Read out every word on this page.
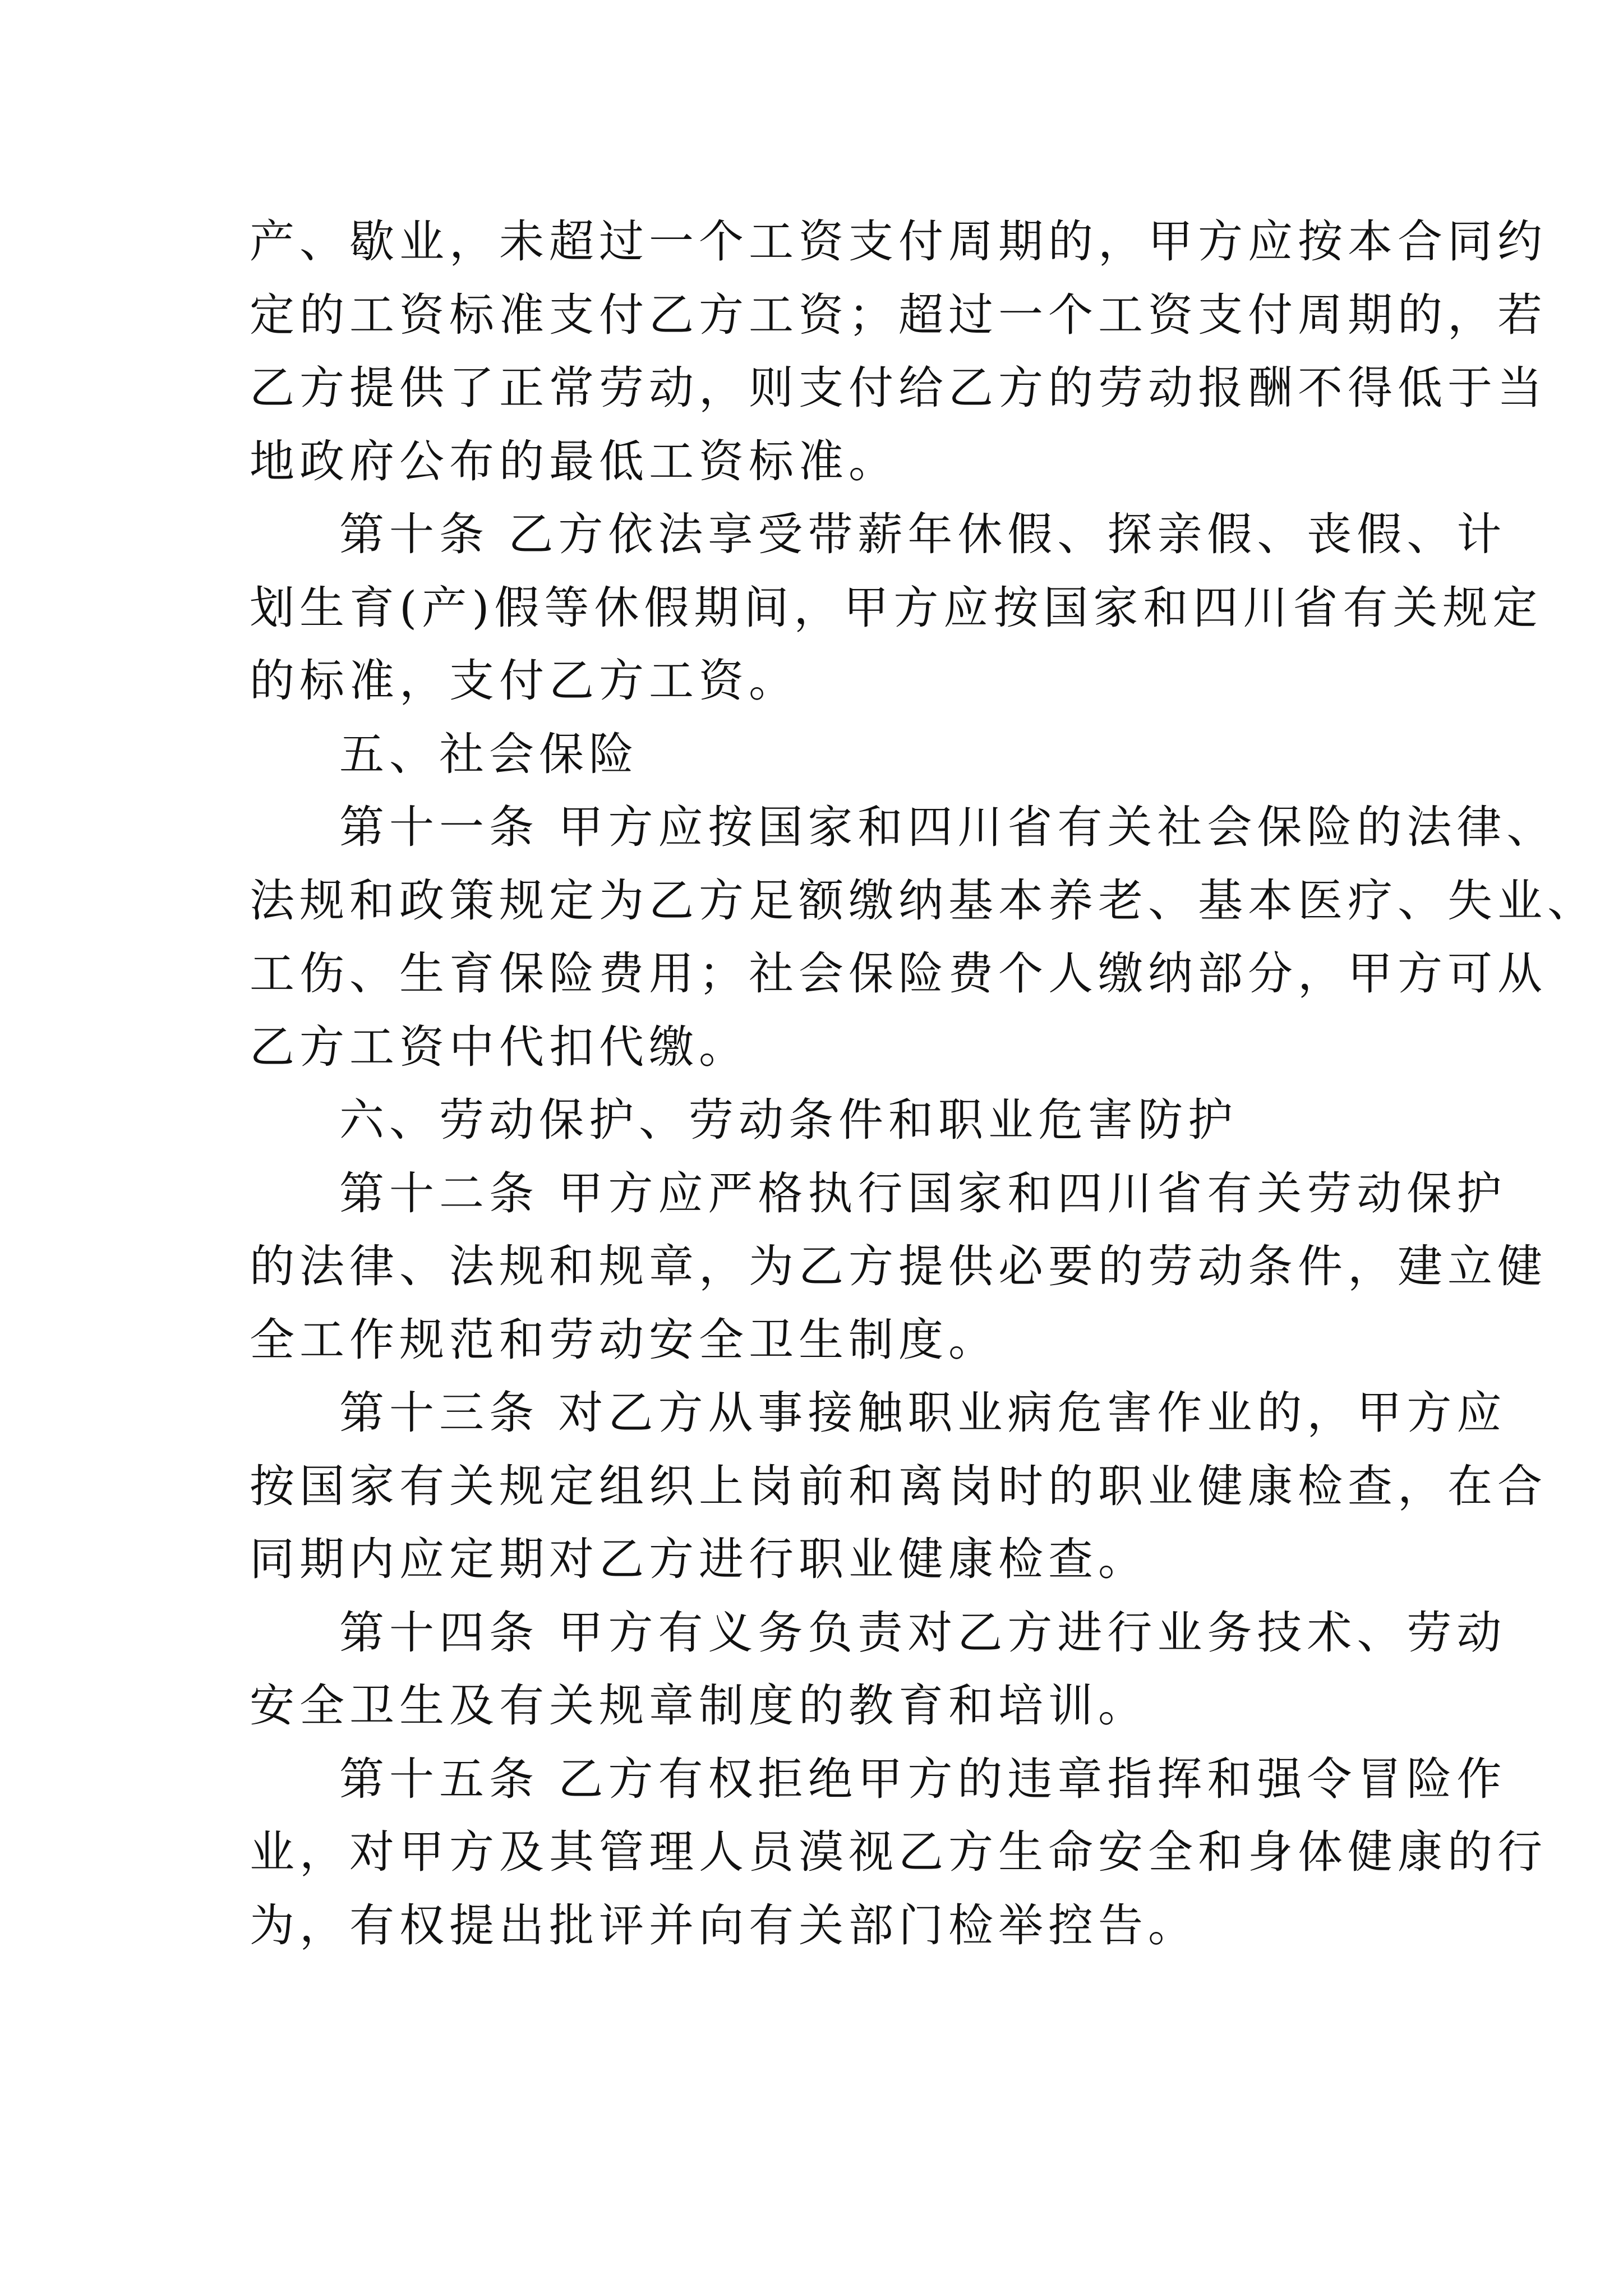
产、歇业，未超过一个工资支付周期的，甲方应按本合同约
定的工资标准支付乙方工资；超过一个工资支付周期的，若
乙方提供了正常劳动，则支付给乙方的劳动报酬不得低于当
地政府公布的最低工资标准。
第十条 乙方依法享受带薪年休假、探亲假、丧假、计
划生育(产)假等休假期间，甲方应按国家和四川省有关规定
的标准，支付乙方工资。
五、社会保险
第十一条 甲方应按国家和四川省有关社会保险的法律、
法规和政策规定为乙方足额缴纳基本养老、基本医疗、失业、
工伤、生育保险费用；社会保险费个人缴纳部分，甲方可从
乙方工资中代扣代缴。
六、劳动保护、劳动条件和职业危害防护
第十二条 甲方应严格执行国家和四川省有关劳动保护
的法律、法规和规章，为乙方提供必要的劳动条件，建立健
全工作规范和劳动安全卫生制度。
第十三条 对乙方从事接触职业病危害作业的，甲方应
按国家有关规定组织上岗前和离岗时的职业健康检查，在合
同期内应定期对乙方进行职业健康检查。
第十四条 甲方有义务负责对乙方进行业务技术、劳动
安全卫生及有关规章制度的教育和培训。
第十五条 乙方有权拒绝甲方的违章指挥和强令冒险作
业，对甲方及其管理人员漠视乙方生命安全和身体健康的行
为，有权提出批评并向有关部门检举控告。
